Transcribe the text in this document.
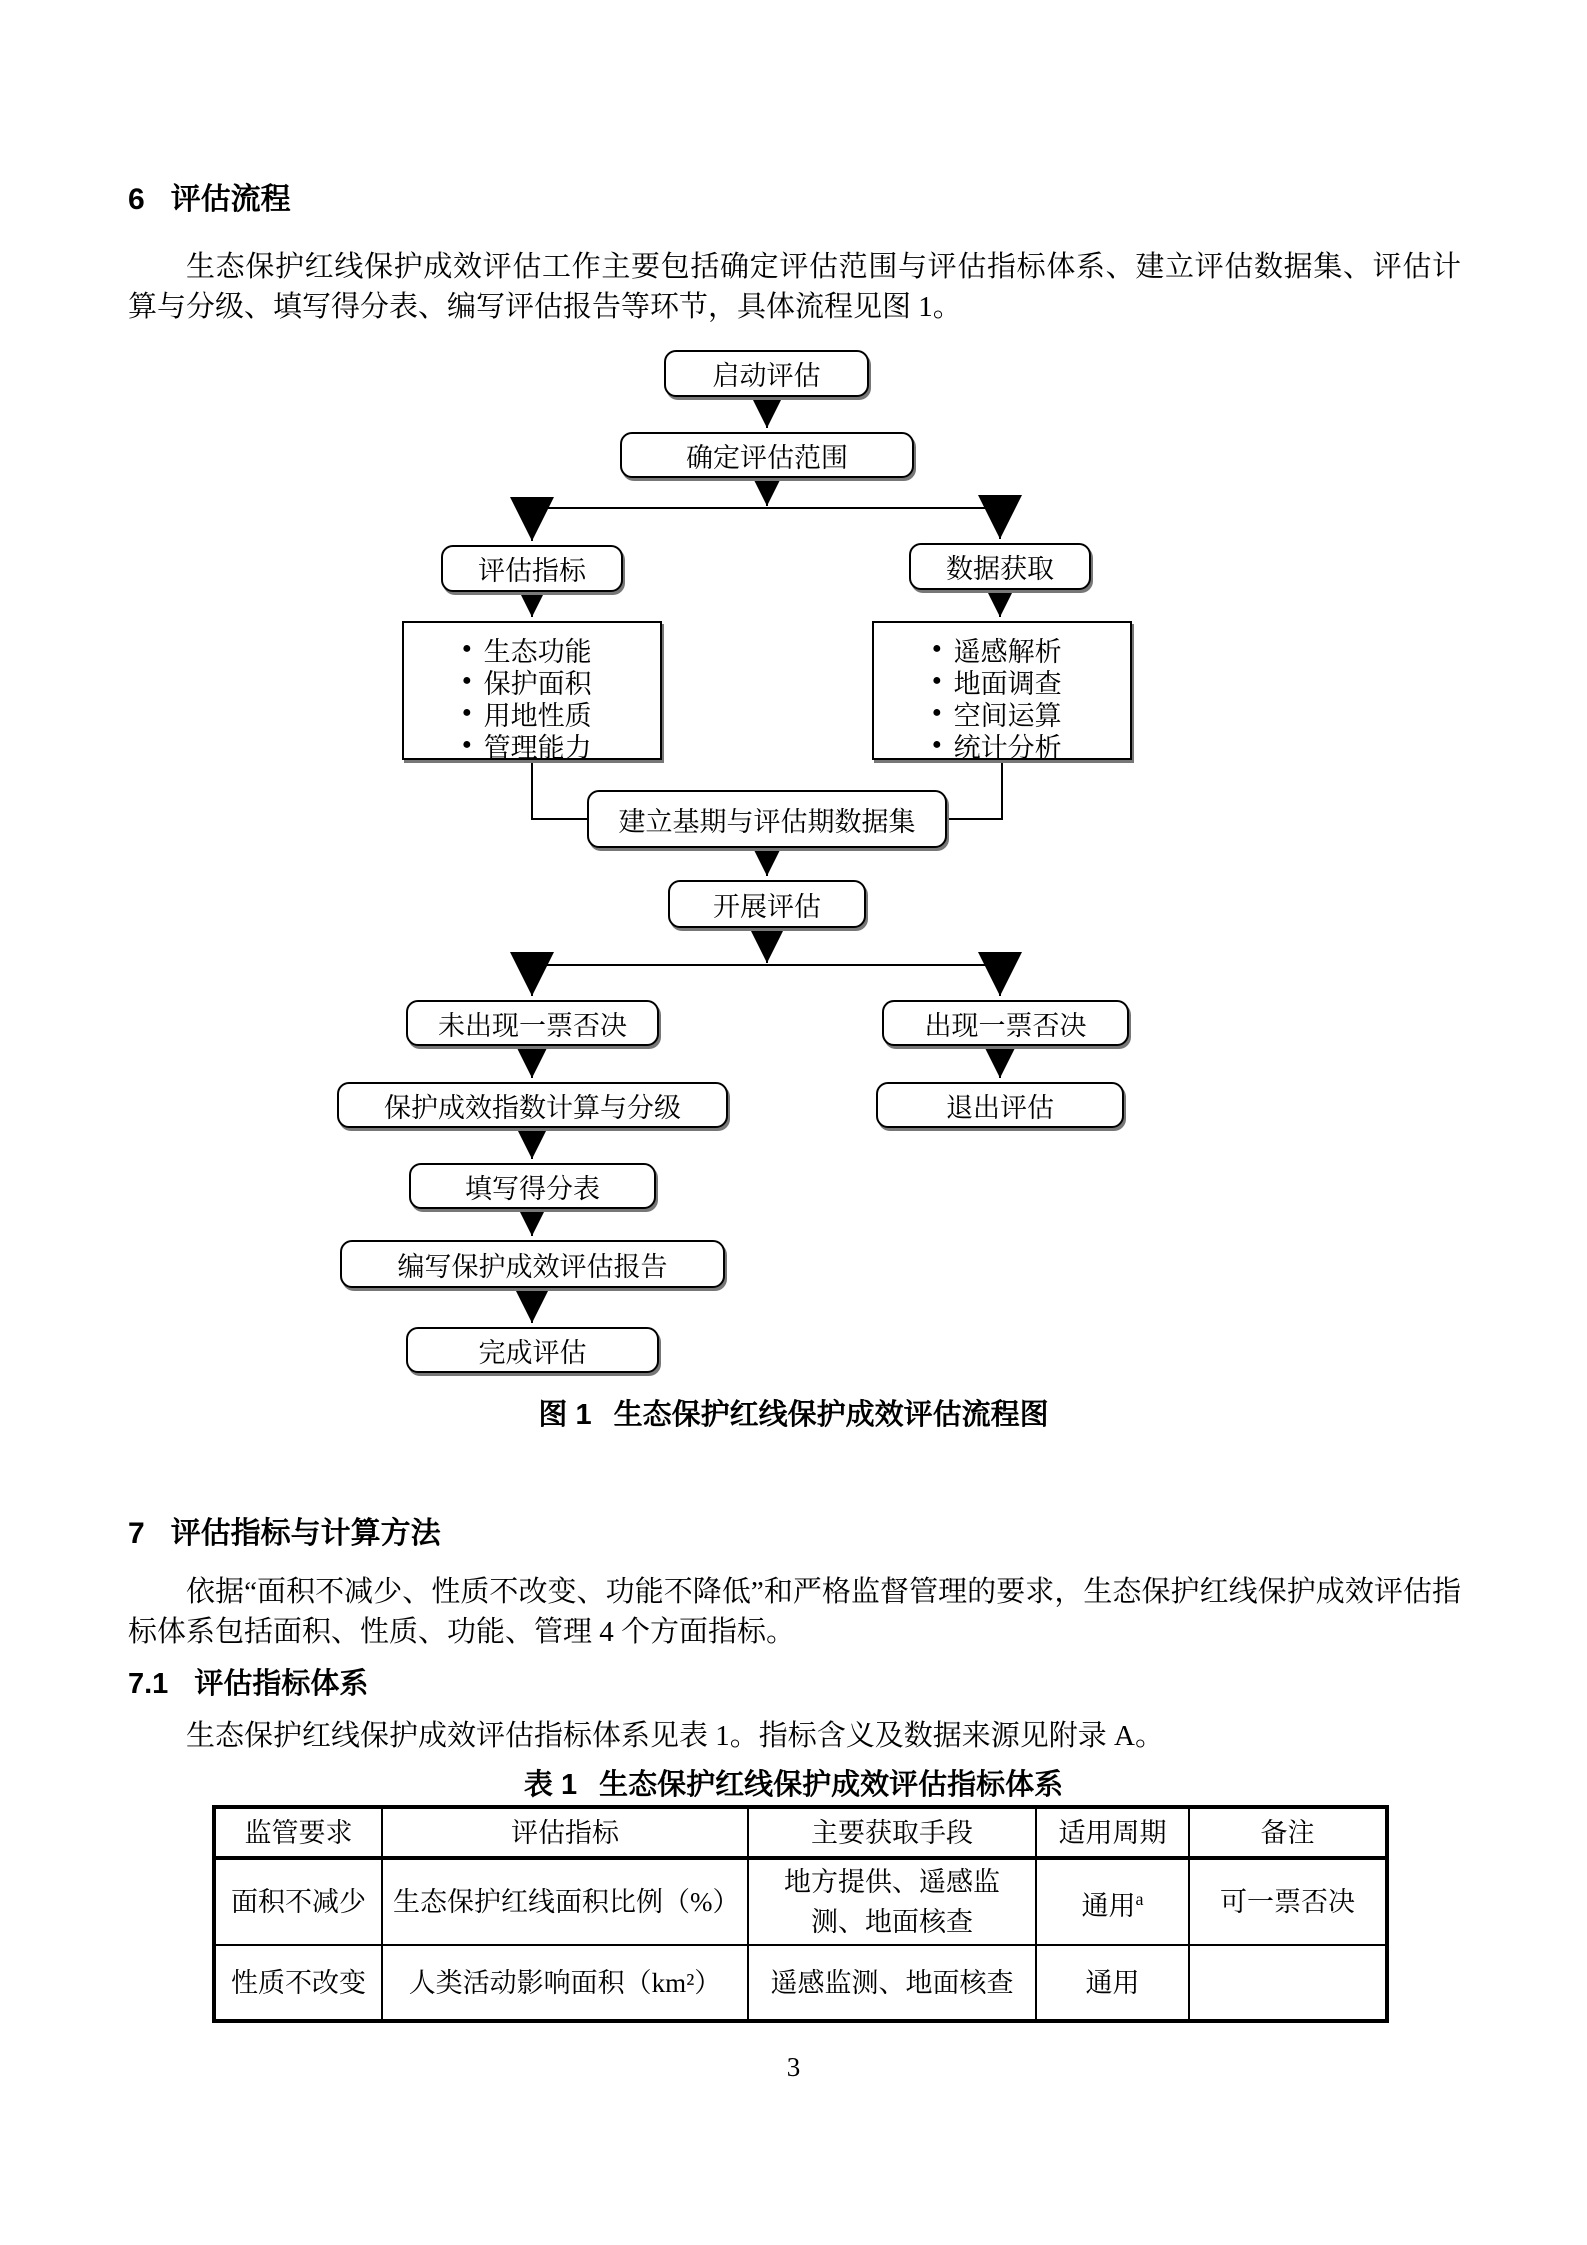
6 评估流程

生态保护红线保护成效评估工作主要包括确定评估范围与评估指标体系、建立评估数据集、评估计算与分级、填写得分表、编写评估报告等环节，具体流程见图 1。

启动评估
确定评估范围
评估指标	数据获取
● 生态功能
● 保护面积
● 用地性质
● 管理能力
● 遥感解析
● 地面调查
● 空间运算
● 统计分析
建立基期与评估期数据集
开展评估
未出现一票否决	出现一票否决
保护成效指数计算与分级	退出评估
填写得分表
编写保护成效评估报告
完成评估
图 1 生态保护红线保护成效评估流程图
7 评估指标与计算方法

依据“面积不减少、性质不改变、功能不降低”和严格监督管理的要求，生态保护红线保护成效评估指标体系包括面积、性质、功能、管理 4 个方面指标。

7.1 评估指标体系

生态保护红线保护成效评估指标体系见表 1。指标含义及数据来源见附录 A。

表 1 生态保护红线保护成效评估指标体系
监管要求	评估指标	主要获取手段	适用周期	备注
面积不减少	生态保护红线面积比例（%）	地方提供、遥感监测、地面核查	通用$^a$	可一票否决
性质不改变	人类活动影响面积（km²）	遥感监测、地面核查	通用	
3
